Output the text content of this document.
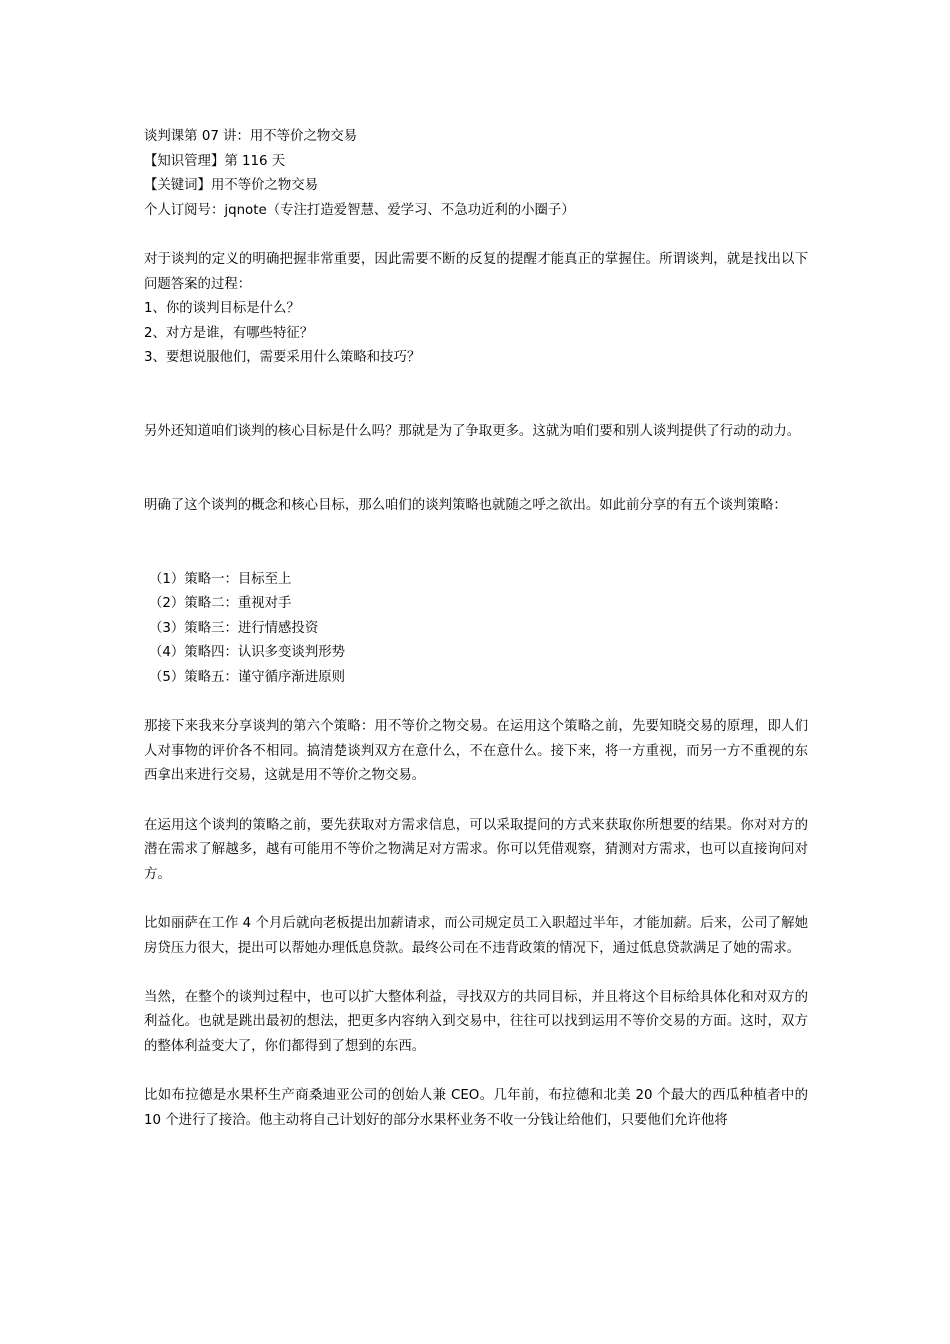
谈判课第 07 讲：用不等价之物交易
【知识管理】第 116 天
【关键词】用不等价之物交易
个人订阅号：jqnote（专注打造爱智慧、爱学习、不急功近利的小圈子）
对于谈判的定义的明确把握非常重要，因此需要不断的反复的提醒才能真正的掌握住。所谓谈判，就是找出以下问题答案的过程：
1、你的谈判目标是什么？
2、对方是谁，有哪些特征？
3、要想说服他们，需要采用什么策略和技巧？
另外还知道咱们谈判的核心目标是什么吗？那就是为了争取更多。这就为咱们要和别人谈判提供了行动的动力。
明确了这个谈判的概念和核心目标，那么咱们的谈判策略也就随之呼之欲出。如此前分享的有五个谈判策略：
（1）策略一：目标至上
（2）策略二：重视对手
（3）策略三：进行情感投资
（4）策略四：认识多变谈判形势
（5）策略五：谨守循序渐进原则
那接下来我来分享谈判的第六个策略：用不等价之物交易。在运用这个策略之前，先要知晓交易的原理，即人们人对事物的评价各不相同。搞清楚谈判双方在意什么，不在意什么。接下来，将一方重视，而另一方不重视的东西拿出来进行交易，这就是用不等价之物交易。
在运用这个谈判的策略之前，要先获取对方需求信息，可以采取提问的方式来获取你所想要的结果。你对对方的潜在需求了解越多，越有可能用不等价之物满足对方需求。你可以凭借观察，猜测对方需求，也可以直接询问对方。
比如丽萨在工作 4 个月后就向老板提出加薪请求，而公司规定员工入职超过半年，才能加薪。后来，公司了解她房贷压力很大，提出可以帮她办理低息贷款。最终公司在不违背政策的情况下，通过低息贷款满足了她的需求。
当然，在整个的谈判过程中，也可以扩大整体利益，寻找双方的共同目标，并且将这个目标给具体化和对双方的利益化。也就是跳出最初的想法，把更多内容纳入到交易中，往往可以找到运用不等价交易的方面。这时，双方的整体利益变大了，你们都得到了想到的东西。
比如布拉德是水果杯生产商桑迪亚公司的创始人兼 CEO。几年前，布拉德和北美 20 个最大的西瓜种植者中的 10 个进行了接洽。他主动将自己计划好的部分水果杯业务不收一分钱让给他们，只要他们允许他将
